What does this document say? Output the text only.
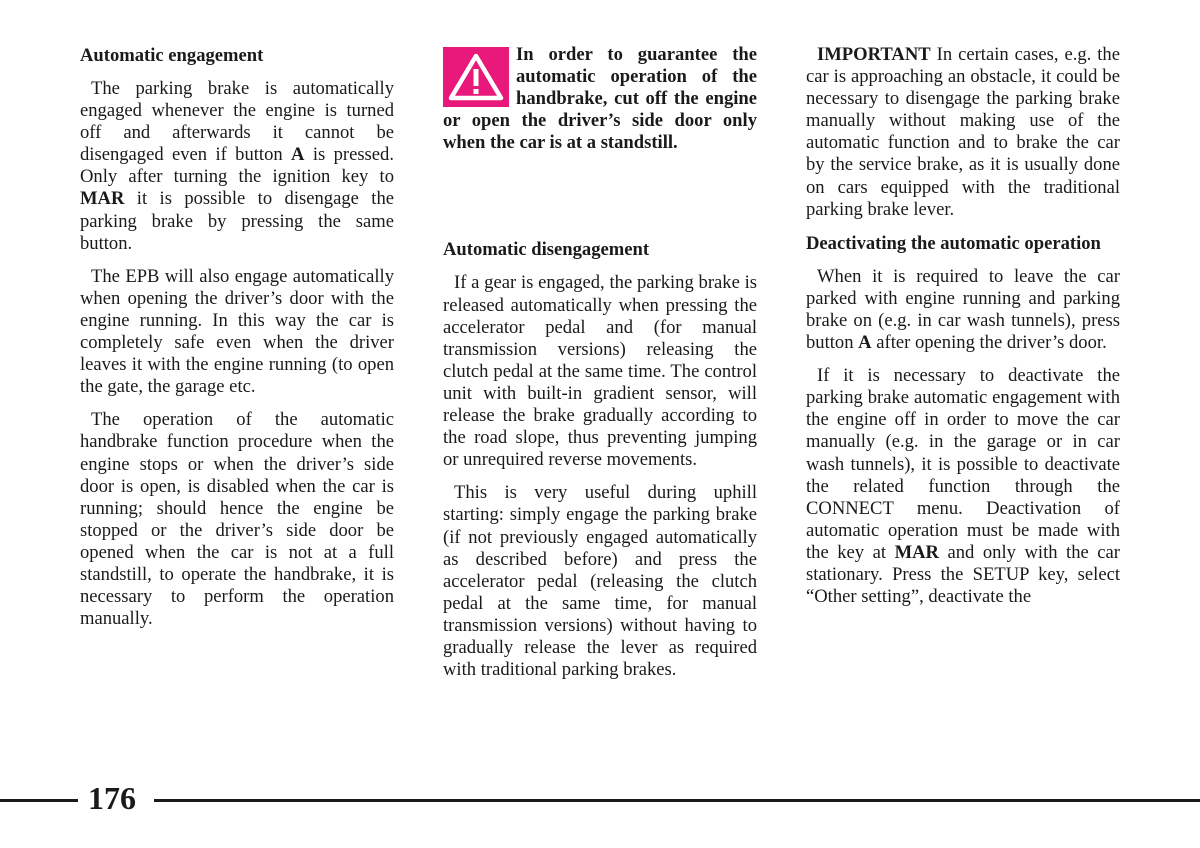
Automatic engagement

The parking brake is automatically engaged whenever the engine is turned off and afterwards it cannot be disengaged even if button A is pressed. Only after turning the ignition key to MAR it is possible to disengage the parking brake by pressing the same button.

The EPB will also engage automatically when opening the driver’s door with the engine running. In this way the car is completely safe even when the driver leaves it with the engine running (to open the gate, the garage etc.

The operation of the automatic handbrake function procedure when the engine stops or when the driver’s side door is open, is disabled when the car is running; should hence the engine be stopped or the driver’s side door be opened when the car is not at a full standstill, to operate the handbrake, it is necessary to perform the operation manually.

In order to guarantee the automatic operation of the handbrake, cut off the engine or open the driver’s side door only when the car is at a standstill.

Automatic disengagement

If a gear is engaged, the parking brake is released automatically when pressing the accelerator pedal and (for manual transmission versions) releasing the clutch pedal at the same time. The control unit with built-in gradient sensor, will release the brake gradually according to the road slope, thus preventing jumping or unrequired reverse movements.

This is very useful during uphill starting: simply engage the parking brake (if not previously engaged automatically as described before) and press the accelerator pedal (releasing the clutch pedal at the same time, for manual transmission versions) without having to gradually release the lever as required with traditional parking brakes.

IMPORTANT In certain cases, e.g. the car is approaching an obstacle, it could be necessary to disengage the parking brake manually without making use of the automatic function and to brake the car by the service brake, as it is usually done on cars equipped with the traditional parking brake lever.

Deactivating the automatic operation

When it is required to leave the car parked with engine running and parking brake on (e.g. in car wash tunnels), press button A after opening the driver’s door.

If it is necessary to deactivate the parking brake automatic engagement with the engine off in order to move the car manually (e.g. in the garage or in car wash tunnels), it is possible to deactivate the related function through the CONNECT menu. Deactivation of automatic operation must be made with the key at MAR and only with the car stationary. Press the SETUP key, select “Other setting”, deactivate the

176
